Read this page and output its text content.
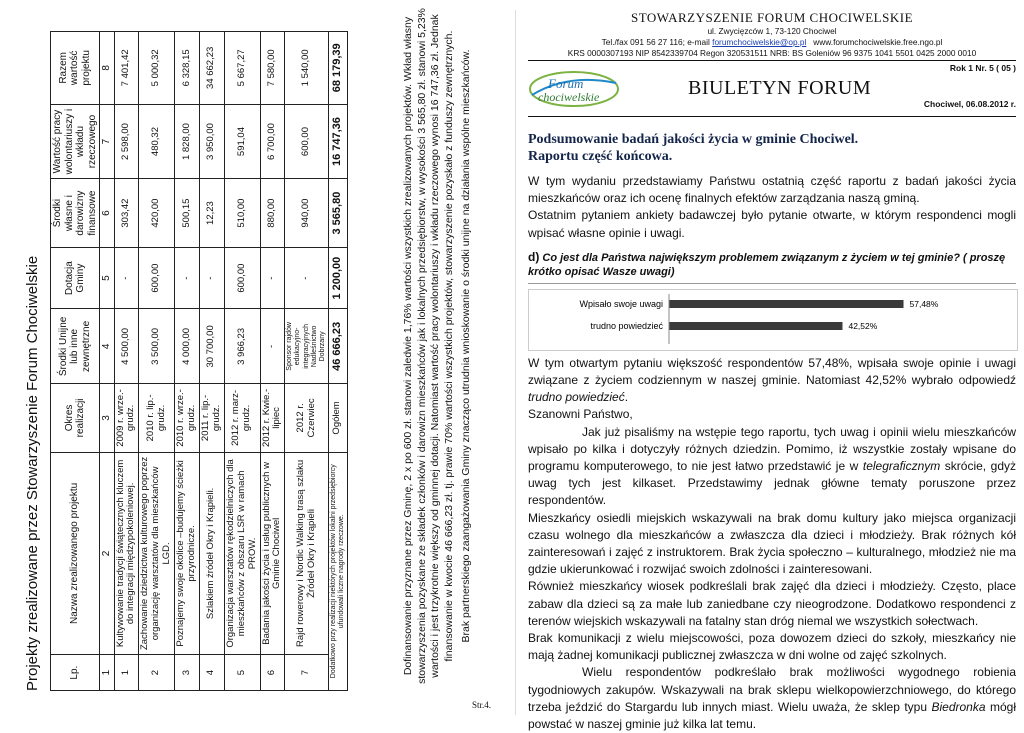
Projekty zrealizowane przez Stowarzyszenie Forum Chociwelskie	Lp.	Nazwa zrealizowanego projektu	Okres realizacji	Środki Unijne lub inne zewnętrzne	Dotacja Gminy	Środki własne i darowizny finansowe	Wartość pracy wolontariuszy i wkładu rzeczowego	Razem wartość projektu
1	2	3	4	5	6	7	8
1	Kultywowanie tradycji świątecznych kluczem do integracji międzypokoleniowej.	2009 r. wrze.-grudz.	4 500,00	-	303,42	2 598,00	7 401,42
2	Zachowanie dziedzictwa kulturowego poprzez organizację warsztatów dla mieszkańców LGD.	2010 r. lip.-grudz.	3 500,00	600,00	420,00	480,32	5 000,32
3	Poznajemy swoje okolice –budujemy ścieżki przyrodnicze.	2010 r. wrze.-grudz.	4 000,00	-	500,15	1 828,00	6 328,15
4	Szlakiem źródeł Okry i Krąpieli.	2011 r. lip.-grudz.	30 700,00	-	12,23	3 950,00	34 662,23
5	Organizacja warsztatów rękodzielniczych dla mieszkańców z obszaru LSR w ramach PROW.	2012 r. marz-grudz.	3 966,23	600,00	510,00	591,04	5 667,27
6	Badania jakości życia i usług publicznych w Gminie Chociwel	2012 r. Kwie.-lipiec	-	-	880,00	6 700,00	7 580,00
7	Rajd rowerowy i Nordic Walking trasą szlaku Źródeł Okry i Krąpieli	2012 r. Czerwiec	Sponsor rajdów edukacyjno-integracyjnych Nadleśnictwo Dobrzany	-	940,00	600,00	1 540,00
Dodatkowo przy realizacji niektórych projektów lokalni przedsiębiorcy ufundowali liczne nagrody rzeczowe.		Ogółem	46 666,23	1 200,00	3 565,80	16 747,36	68 179,39	Dofinansowanie przyznane przez Gminę, 2 x po 600 zł. stanowi zaledwie 1,76% wartości wszystkich zrealizowanych projektów. Wkład własny stowarzyszenia pozyskane ze składek członków i darowizn mieszkańców jak i lokalnych przedsiębiorstw, w wysokości 3 565,80 zł. stanowi 5,23% wartości i jest trzykrotnie większy od gminnej dotacji. Natomiast wartość pracy wolontariuszy i wkładu rzeczowego wynosi 16 747,36 zł. Jednak finansowanie w kwocie 46 666,23 zł. tj. prawie 70% wartości wszystkich projektów, stowarzyszenie pozyskało z funduszy zewnętrznych. Brak partnerskiego zaangażowania Gminy znacząco utrudnia wnioskowanie o środki unijne na działania wspólne mieszkańców.

Str.4.
STOWARZYSZENIE FORUM CHOCIWELSKIE
ul. Zwycięzców 1, 73-120 Chociwel
Tel./fax 091 56 27 116; e-mail forumchociwelskie@op.pl www.forumchociwelskie.free.ngo.pl
KRS 0000307193 NIP 8542339704 Regon 320531511 NRB: BS Goleniów 96 9375 1041 5501 0425 2000 0010
Forum
chociwelskie
Rok 1 Nr. 5 ( 05 )
BIULETYN FORUM
Chociwel, 06.08.2012 r.
Podsumowanie badań jakości życia w gminie Chociwel.
Raportu część końcowa.

W tym wydaniu przedstawiamy Państwu ostatnią część raportu z badań jakości życia mieszkańców oraz ich ocenę finalnych efektów zarządzania naszą gminą.

Ostatnim pytaniem ankiety badawczej było pytanie otwarte, w którym respondenci mogli wpisać własne opinie i uwagi.

d) Co jest dla Państwa największym problemem związanym z życiem w tej gminie? ( proszę krótko opisać Wasze uwagi)
Wpisało swoje uwagi	57,48%
trudno powiedzieć	42,52%

W tym otwartym pytaniu większość respondentów 57,48%, wpisała swoje opinie i uwagi związane z życiem codziennym w naszej gminie. Natomiast 42,52% wybrało odpowiedź trudno powiedzieć.

Szanowni Państwo,

Jak już pisaliśmy na wstępie tego raportu, tych uwag i opinii wielu mieszkańców wpisało po kilka i dotyczyły różnych dziedzin. Pomimo, iż wszystkie zostały wpisane do programu komputerowego, to nie jest łatwo przedstawić je w telegraficznym skrócie, gdyż uwag tych jest kilkaset. Przedstawimy jednak główne tematy poruszone przez respondentów.

Mieszkańcy osiedli miejskich wskazywali na brak domu kultury jako miejsca organizacji czasu wolnego dla mieszkańców a zwłaszcza dla dzieci i młodzieży. Brak różnych kół zainteresowań i zajęć z instruktorem. Brak życia społeczno – kulturalnego, młodzież nie ma gdzie ukierunkować i rozwijać swoich zdolności i zainteresowani.

Również mieszkańcy wiosek podkreślali brak zajęć dla dzieci i młodzieży. Często, place zabaw dla dzieci są za małe lub zaniedbane czy nieogrodzone. Dodatkowo respondenci z terenów wiejskich wskazywali na fatalny stan dróg niemal we wszystkich sołectwach.

Brak komunikacji z wielu miejscowości, poza dowozem dzieci do szkoły, mieszkańcy nie mają żadnej komunikacji publicznej zwłaszcza w dni wolne od zajęć szkolnych.

Wielu respondentów podkreślało brak możliwości wygodnego robienia tygodniowych zakupów. Wskazywali na brak sklepu wielkopowierzchniowego, do którego trzeba jeździć do Stargardu lub innych miast. Wielu uważa, że sklep typu Biedronka mógł powstać w naszej gminie już kilka lat temu.
